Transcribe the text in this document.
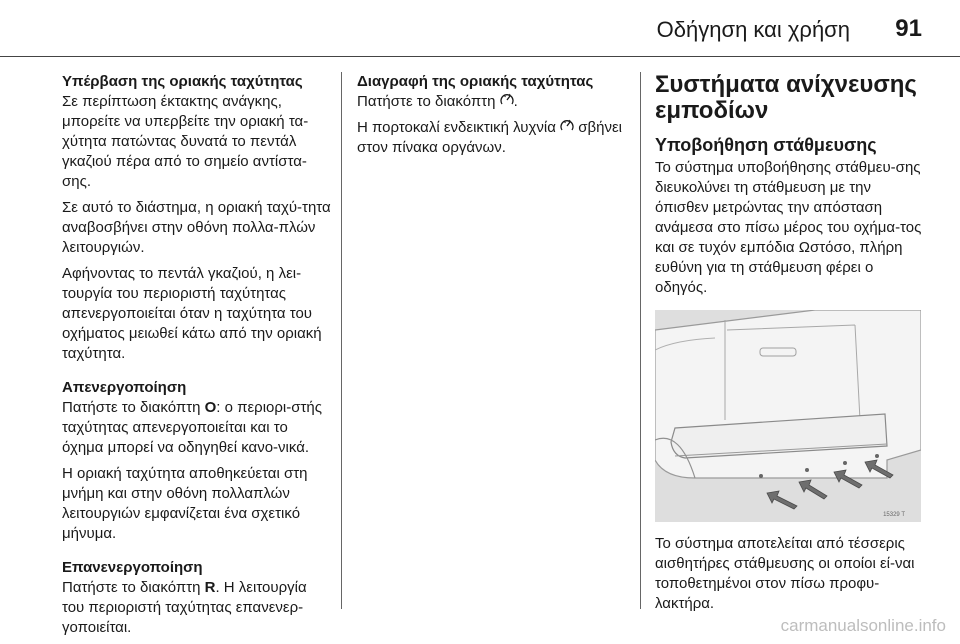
Οδήγηση και χρήση 91

Υπέρβαση της οριακής ταχύτητας

Σε περίπτωση έκτακτης ανάγκης, μπορείτε να υπερβείτε την οριακή τα-χύτητα πατώντας δυνατά το πεντάλ γκαζιού πέρα από το σημείο αντίστα-σης.

Σε αυτό το διάστημα, η οριακή ταχύ-τητα αναβοσβήνει στην οθόνη πολλα-πλών λειτουργιών.

Αφήνοντας το πεντάλ γκαζιού, η λει-τουργία του περιοριστή ταχύτητας απενεργοποιείται όταν η ταχύτητα του οχήματος μειωθεί κάτω από την οριακή ταχύτητα.

Απενεργοποίηση

Πατήστε το διακόπτη O: ο περιορι-στής ταχύτητας απενεργοποιείται και το όχημα μπορεί να οδηγηθεί κανο-νικά.

Η οριακή ταχύτητα αποθηκεύεται στη μνήμη και στην οθόνη πολλαπλών λειτουργιών εμφανίζεται ένα σχετικό μήνυμα.

Επανενεργοποίηση

Πατήστε το διακόπτη R. Η λειτουργία του περιοριστή ταχύτητας επανενερ-γοποιείται.

Διαγραφή της οριακής ταχύτητας

Πατήστε το διακόπτη .

Η πορτοκαλί ενδεικτική λυχνία  σβήνει στον πίνακα οργάνων.

Συστήματα ανίχνευσης εμποδίων

Υποβοήθηση στάθμευσης

Το σύστημα υποβοήθησης στάθμευ-σης διευκολύνει τη στάθμευση με την όπισθεν μετρώντας την απόσταση ανάμεσα στο πίσω μέρος του οχήμα-τος και σε τυχόν εμπόδια Ωστόσο, πλήρη ευθύνη για τη στάθμευση φέρει ο οδηγός.

15329 T

Το σύστημα αποτελείται από τέσσερις αισθητήρες στάθμευσης οι οποίοι εί-ναι τοποθετημένοι στον πίσω προφυ-λακτήρα.

carmanualsonline.info
